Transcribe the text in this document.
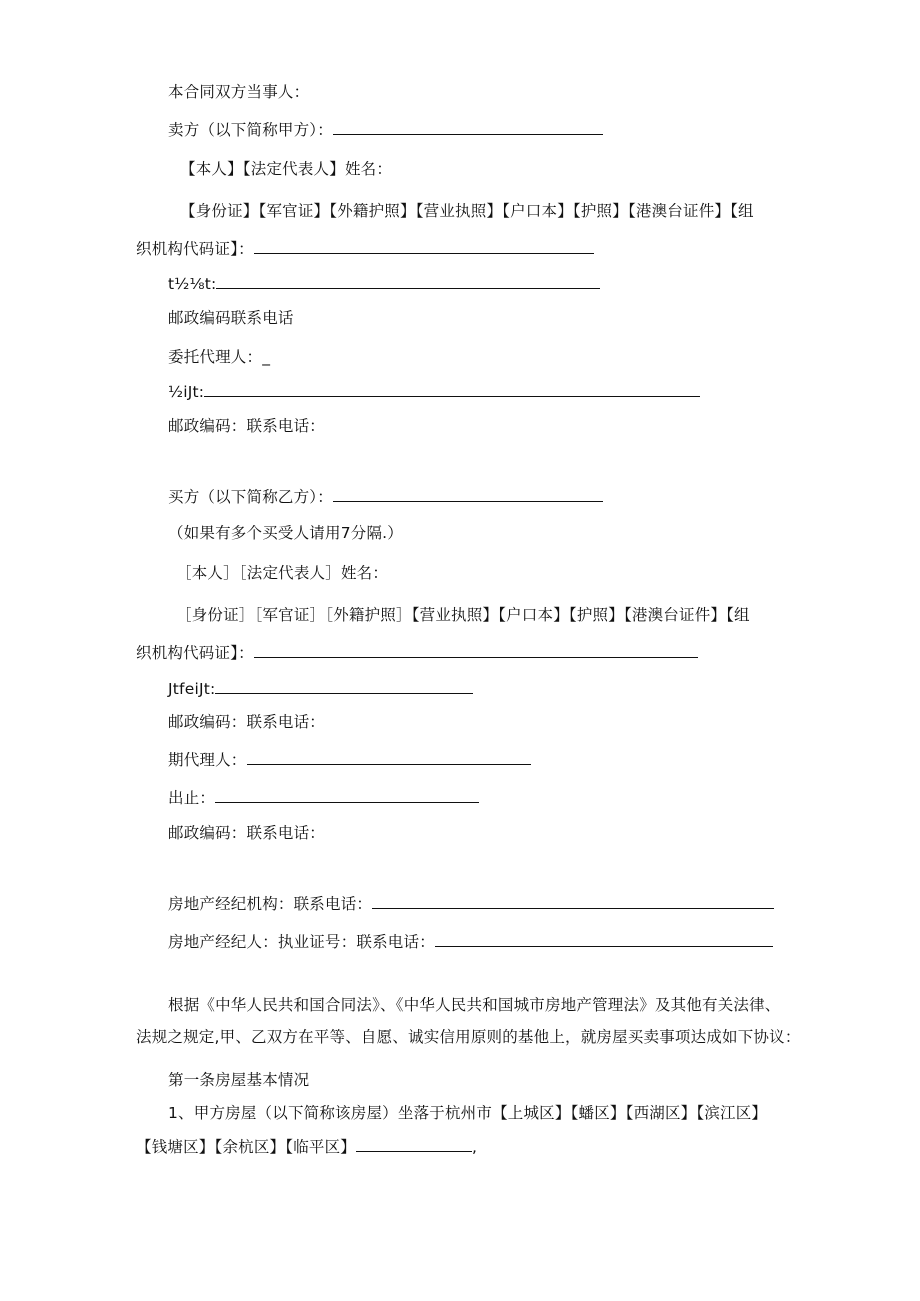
本合同双方当事人：
卖方（以下简称甲方）：
【本人】【法定代表人】姓名：
【身份证】【军官证】【外籍护照】【营业执照】【户口本】【护照】【港澳台证件】【组
织机构代码证】：
t½⅛t:
邮政编码联系电话
委托代理人：_
½iJt:
邮政编码：联系电话：
买方（以下简称乙方）：
（如果有多个买受人请用7分隔.）
［本人］［法定代表人］姓名：
［身份证］［军官证］［外籍护照］【营业执照】【户口本】【护照】【港澳台证件】【组
织机构代码证】：
JtfeiJt:
邮政编码：联系电话：
期代理人：
出止：
邮政编码：联系电话：
房地产经纪机构：联系电话：
房地产经纪人：执业证号：联系电话：
根据《中华人民共和国合同法》、《中华人民共和国城市房地产管理法》及其他有关法律、
法规之规定,甲、乙双方在平等、自愿、诚实信用原则的基他上，就房屋买卖事项达成如下协议：
第一条房屋基本情况
1、甲方房屋（以下简称该房屋）坐落于杭州市【上城区】【蟠区】【西湖区】【滨江区】
【钱塘区】【余杭区】【临平区】	,
